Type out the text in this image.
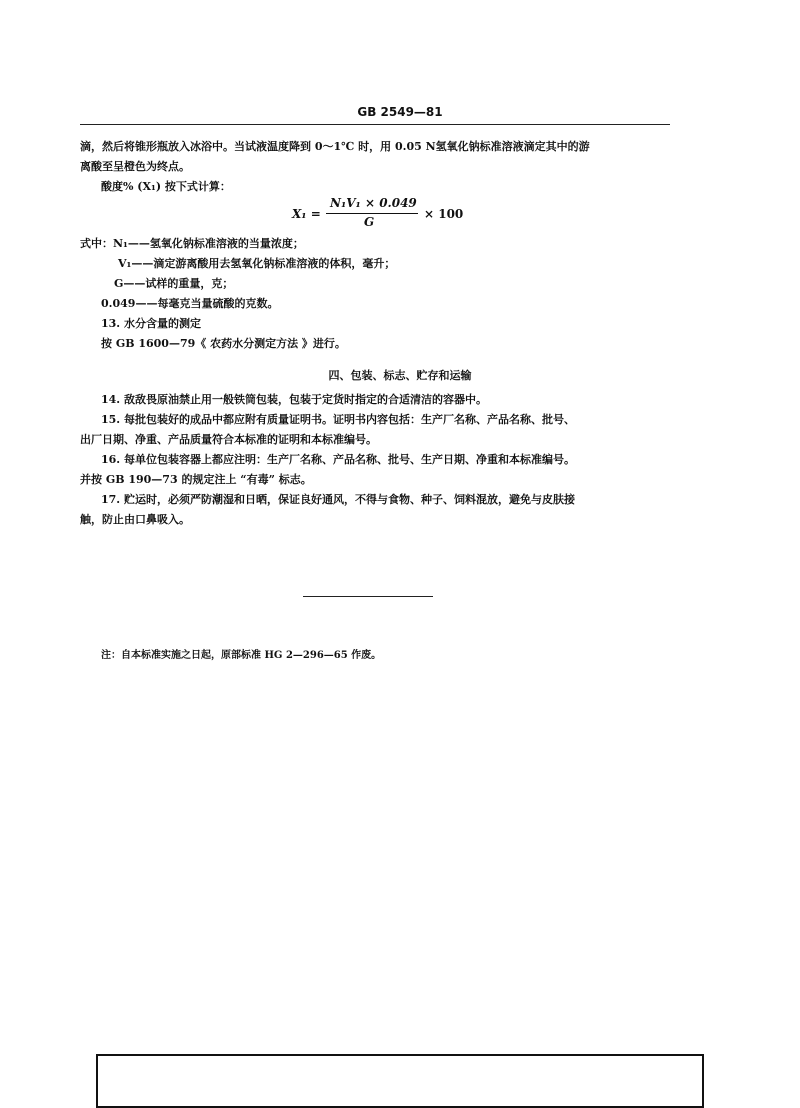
GB 2549—81
滴，然后将锥形瓶放入冰浴中。当试液温度降到 0～1℃ 时，用 0.05 N氢氧化钠标准溶液滴定其中的游
离酸至呈橙色为终点。
酸度% (X₁) 按下式计算：
X₁ =
N₁V₁ × 0.049
G
× 100
式中：N₁——氢氧化钠标准溶液的当量浓度；
V₁——滴定游离酸用去氢氧化钠标准溶液的体积，毫升；
G——试样的重量，克；
0.049——每毫克当量硫酸的克数。
13. 水分含量的测定
按 GB 1600—79《 农药水分测定方法 》进行。
四、包装、标志、贮存和运输
14. 敌敌畏原油禁止用一般铁筒包装，包装于定货时指定的合适清洁的容器中。
15. 每批包装好的成品中都应附有质量证明书。证明书内容包括：生产厂名称、产品名称、批号、
出厂日期、净重、产品质量符合本标准的证明和本标准编号。
16. 每单位包装容器上都应注明：生产厂名称、产品名称、批号、生产日期、净重和本标准编号。
并按 GB 190—73 的规定注上 “有毒” 标志。
17. 贮运时，必须严防潮湿和日晒，保证良好通风，不得与食物、种子、饲料混放，避免与皮肤接
触，防止由口鼻吸入。
注：自本标准实施之日起，原部标准 HG 2—296—65 作废。
